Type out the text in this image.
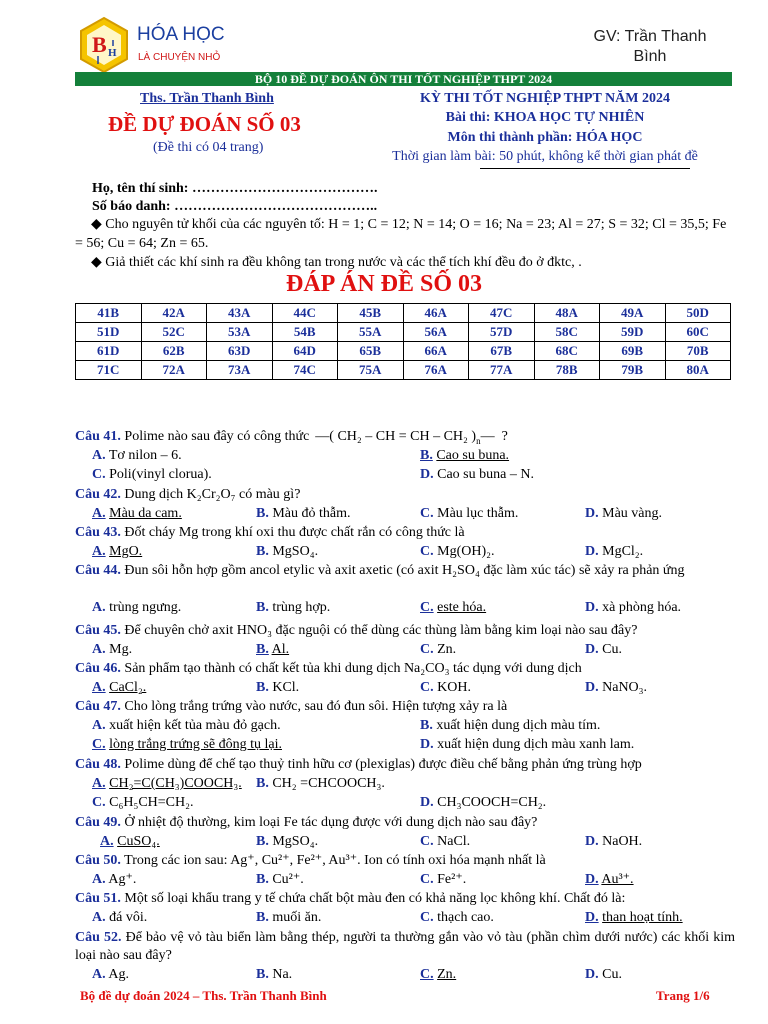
B H
HÓA HỌC
LÀ CHUYỆN NHỎ
GV: Trần Thanh Bình
BỘ 10 ĐỀ DỰ ĐOÁN ÔN THI TỐT NGHIỆP THPT 2024
Ths. Trần Thanh Bình
ĐỀ DỰ ĐOÁN SỐ 03
(Đề thi có 04 trang)
KỲ THI TỐT NGHIỆP THPT NĂM 2024
Bài thi: KHOA HỌC TỰ NHIÊN
Môn thi thành phần: HÓA HỌC
Thời gian làm bài: 50 phút, không kể thời gian phát đề
Họ, tên thí sinh: ………………………………….
Số báo danh: ……………………………………..
◆ Cho nguyên tử khối của các nguyên tố: H = 1; C = 12; N = 14; O = 16; Na = 23; Al = 27; S = 32; Cl = 35,5; Fe = 56; Cu = 64; Zn = 65.
◆ Giả thiết các khí sinh ra đều không tan trong nước và các thể tích khí đều đo ở đktc, .
ĐÁP ÁN ĐỀ SỐ 03
41B	42A	43A	44C	45B	46A	47C	48A	49A	50D
51D	52C	53A	54B	55A	56A	57D	58C	59D	60C
61D	62B	63D	64D	65B	66A	67B	68C	69B	70B
71C	72A	73A	74C	75A	76A	77A	78B	79B	80A
Câu 41. Polime nào sau đây có công thức —( CH₂ – CH = CH – CH₂ )$_n—$ ?
A. Tơ nilon – 6.	B. Cao su buna.
C. Poli(vinyl clorua).	D. Cao su buna – N.
Câu 42. Dung dịch K₂Cr₂O₇ có màu gì?
A. Màu da cam.	B. Màu đỏ thẫm.	C. Màu lục thẫm.	D. Màu vàng.
Câu 43. Đốt cháy Mg trong khí oxi thu được chất rắn có công thức là
A. MgO.	B. MgSO₄.	C. Mg(OH)₂.	D. MgCl₂.
Câu 44. Đun sôi hỗn hợp gồm ancol etylic và axit axetic (có axit H₂SO₄ đặc làm xúc tác) sẽ xảy ra phản ứng
A. trùng ngưng.	B. trùng hợp.	C. este hóa.	D. xà phòng hóa.
Câu 45. Để chuyên chở axit HNO₃ đặc nguội có thể dùng các thùng làm bằng kim loại nào sau đây?
A. Mg.	B. Al.	C. Zn.	D. Cu.
Câu 46. Sản phẩm tạo thành có chất kết tủa khi dung dịch Na₂CO₃ tác dụng với dung dịch
A. CaCl₂.	B. KCl.	C. KOH.	D. NaNO₃.
Câu 47. Cho lòng trắng trứng vào nước, sau đó đun sôi. Hiện tượng xảy ra là
A. xuất hiện kết tủa màu đỏ gạch.	B. xuất hiện dung dịch màu tím.
C. lòng trắng trứng sẽ đông tụ lại.	D. xuất hiện dung dịch màu xanh lam.
Câu 48. Polime dùng để chế tạo thuỷ tinh hữu cơ (plexiglas) được điều chế bằng phản ứng trùng hợp
A. CH₂=C(CH₃)COOCH₃. B. CH₂ =CHCOOCH₃.
C. C₆H₅CH=CH₂.	D. CH₃COOCH=CH₂.
Câu 49. Ở nhiệt độ thường, kim loại Fe tác dụng được với dung dịch nào sau đây?
A. CuSO₄.	B. MgSO₄.	C. NaCl.	D. NaOH.
Câu 50. Trong các ion sau: Ag⁺, Cu²⁺, Fe²⁺, Au³⁺. Ion có tính oxi hóa mạnh nhất là
A. Ag⁺.	B. Cu²⁺.	C. Fe²⁺.	D. Au³⁺.
Câu 51. Một số loại khẩu trang y tế chứa chất bột màu đen có khả năng lọc không khí. Chất đó là:
A. đá vôi.	B. muối ăn.	C. thạch cao.	D. than hoạt tính.
Câu 52. Để bảo vệ vỏ tàu biển làm bằng thép, người ta thường gắn vào vỏ tàu (phần chìm dưới nước) các khối kim loại nào sau đây?
A. Ag.	B. Na.	C. Zn.	D. Cu.
Bộ đề dự đoán 2024 – Ths. Trần Thanh Bình	Trang 1/6
